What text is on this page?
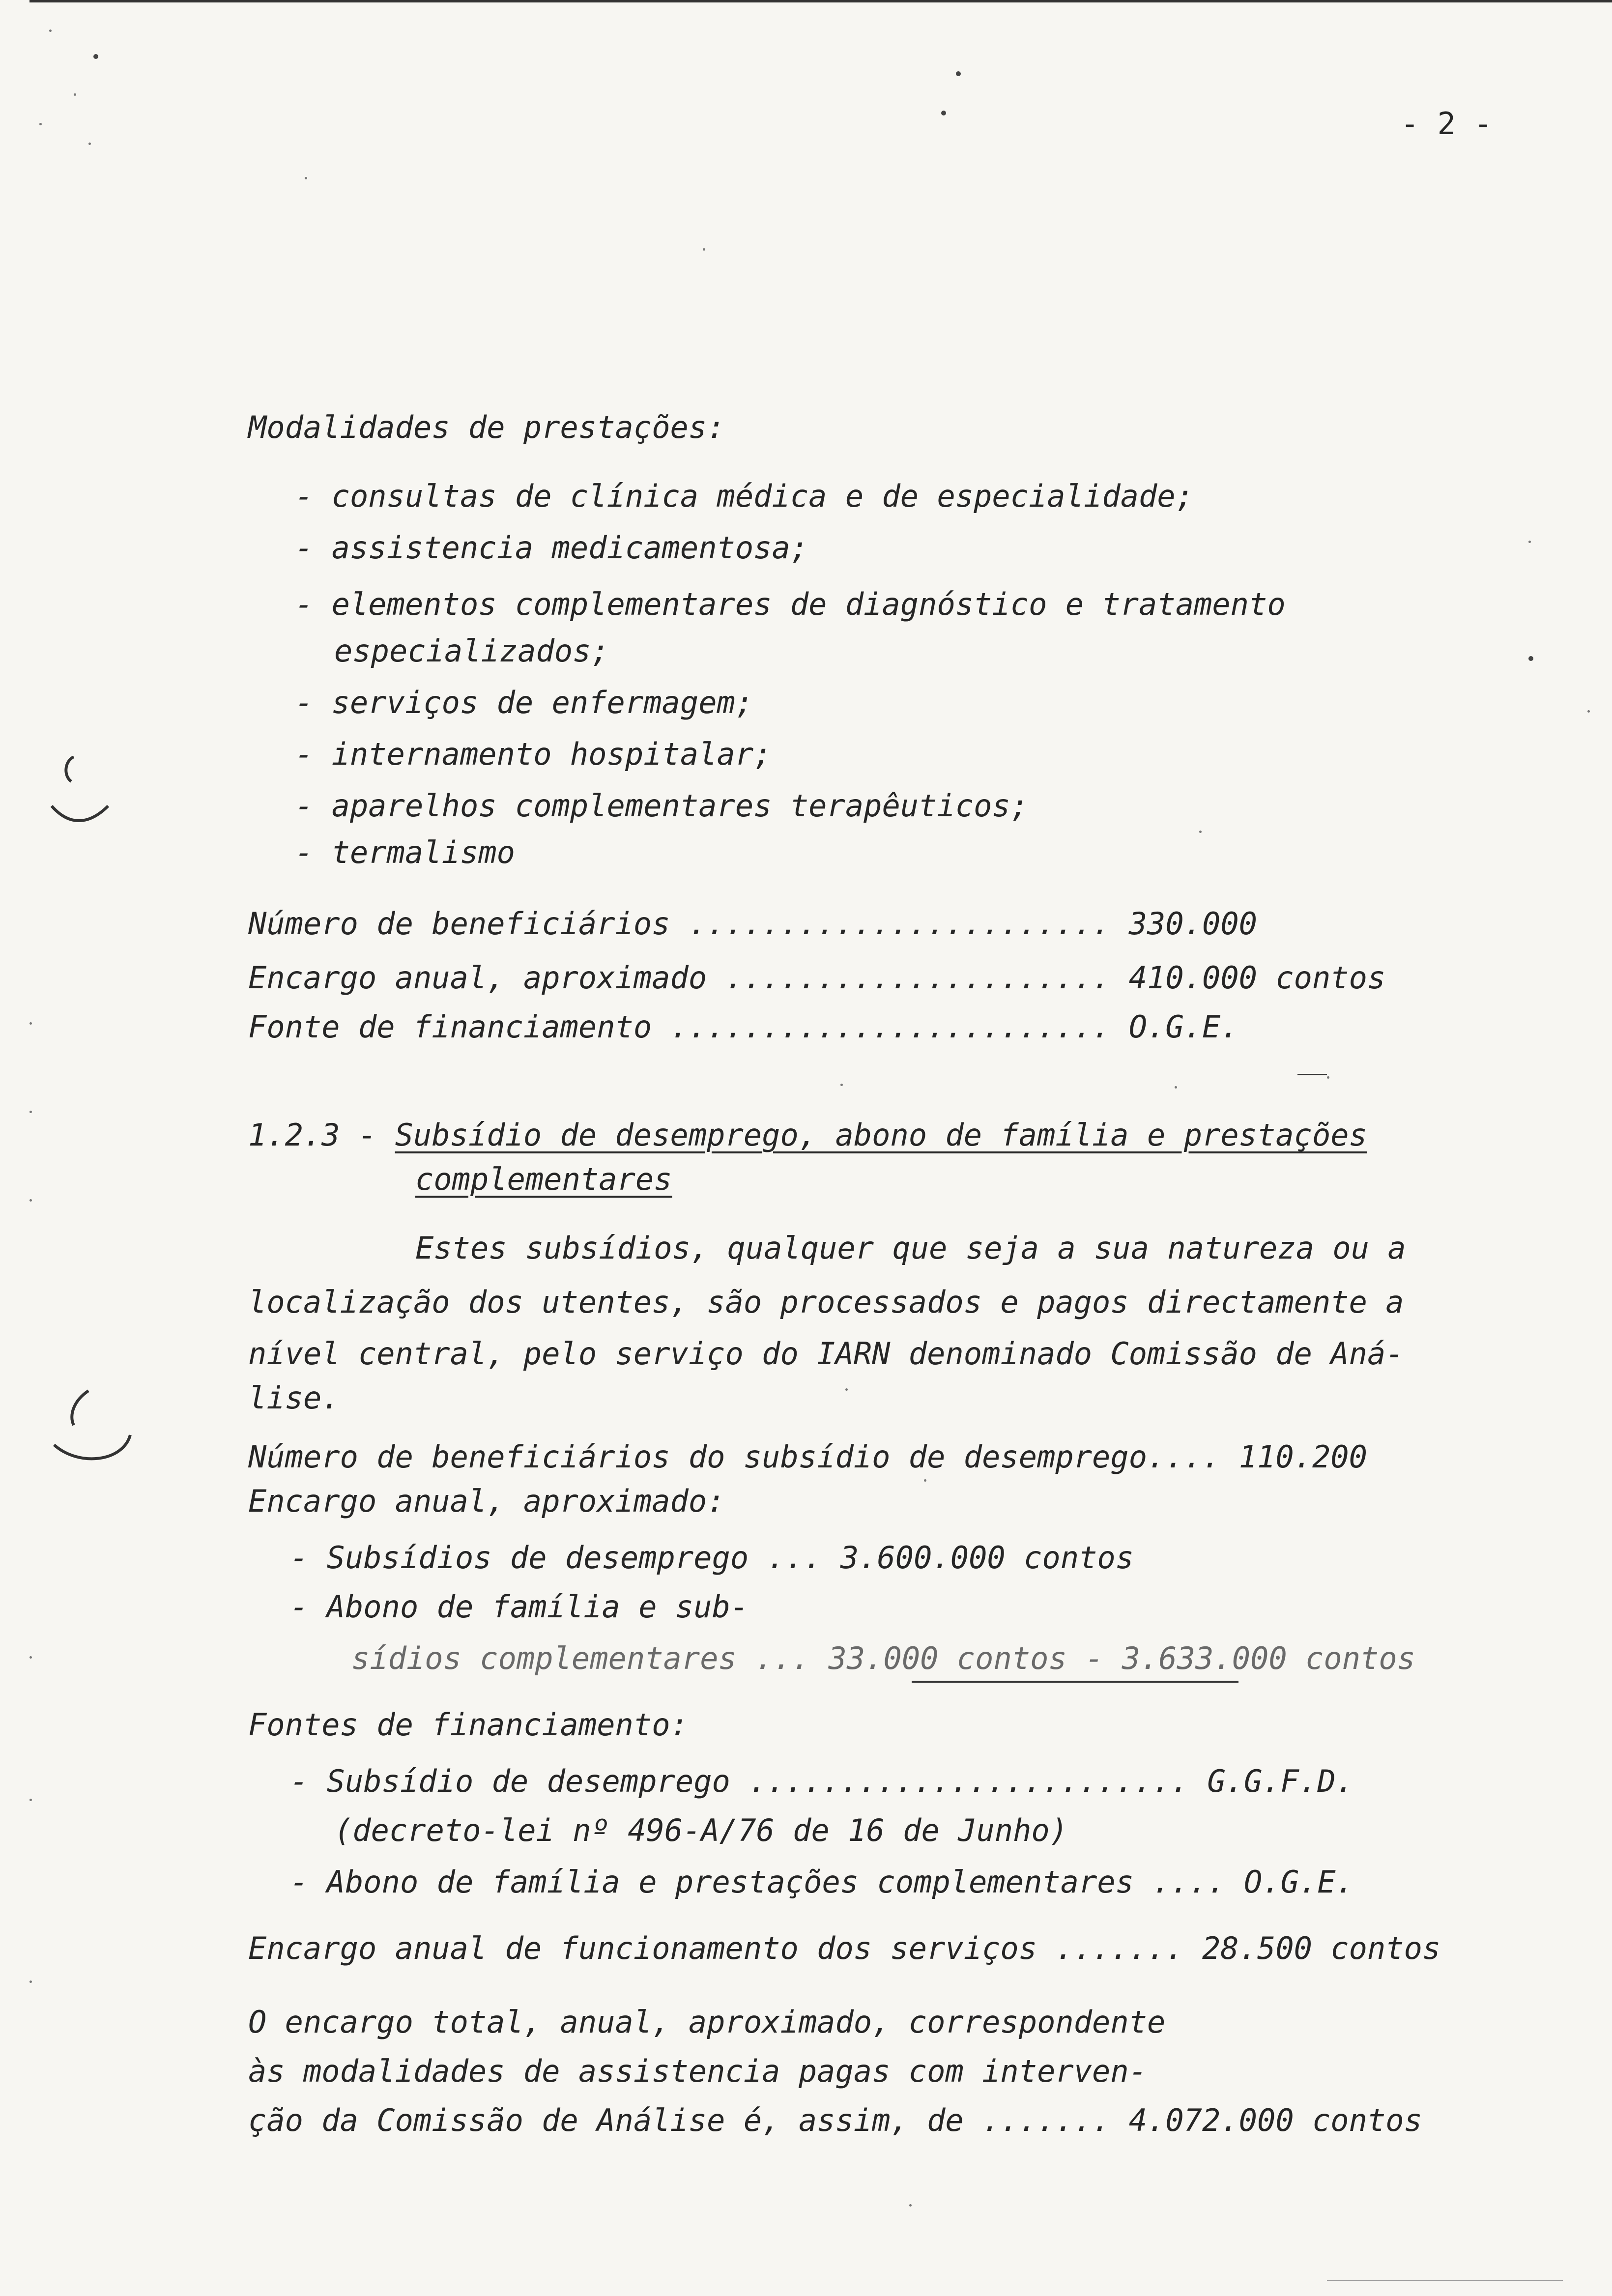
- 2 -
Modalidades de prestações:
- consultas de clínica médica e de especialidade;
- assistencia medicamentosa;
- elementos complementares de diagnóstico e tratamento
especializados;
- serviços de enfermagem;
- internamento hospitalar;
- aparelhos complementares terapêuticos;
- termalismo
Número de beneficiários ....................... 330.000
Encargo anual, aproximado ..................... 410.000 contos
Fonte de financiamento ........................ O.G.E.
1.2.3 - Subsídio de desemprego, abono de família e prestações
complementares
Estes subsídios, qualquer que seja a sua natureza ou a
localização dos utentes, são processados e pagos directamente a
nível central, pelo serviço do IARN denominado Comissão de Aná-
lise.
Número de beneficiários do subsídio de desemprego.... 110.200
Encargo anual, aproximado:
- Subsídios de desemprego ... 3.600.000 contos
- Abono de família e sub-
sídios complementares ... 33.000 contos - 3.633.000 contos
Fontes de financiamento:
- Subsídio de desemprego ........................ G.G.F.D.
(decreto-lei nº 496-A/76 de 16 de Junho)
- Abono de família e prestações complementares .... O.G.E.
Encargo anual de funcionamento dos serviços ....... 28.500 contos
O encargo total, anual, aproximado, correspondente
às modalidades de assistencia pagas com interven-
ção da Comissão de Análise é, assim, de ....... 4.072.000 contos
